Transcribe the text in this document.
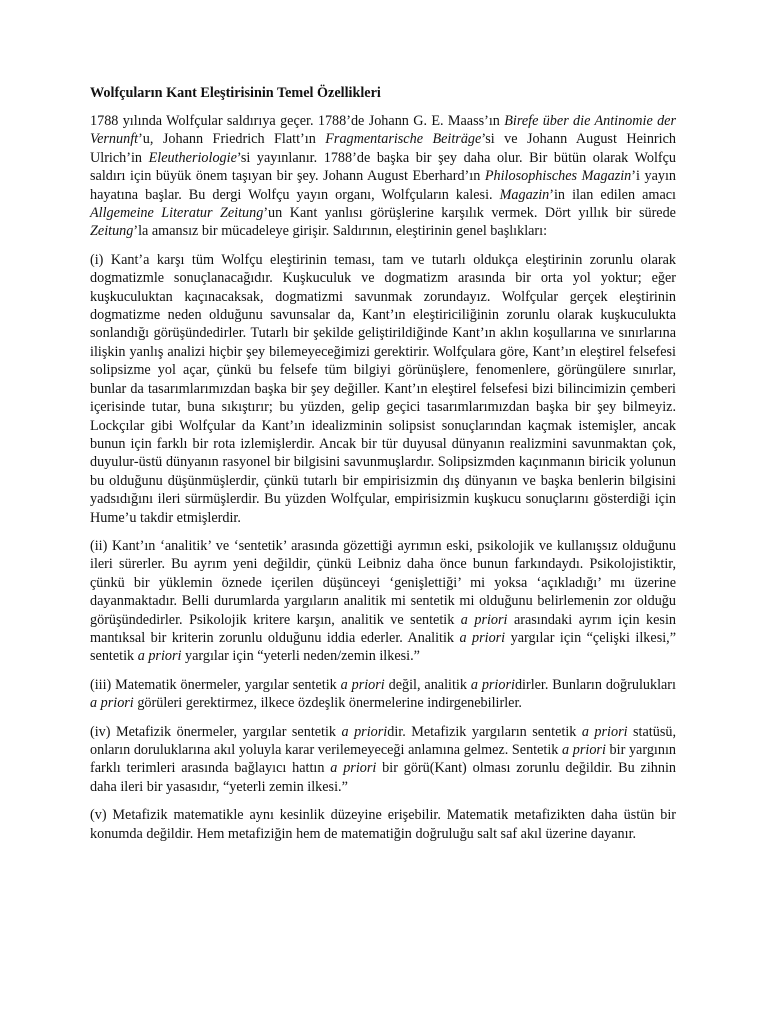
Wolfçuların Kant Eleştirisinin Temel Özellikleri
1788 yılında Wolfçular saldırıya geçer. 1788’de Johann G. E. Maass’ın Birefe über die Antinomie der Vernunft’u, Johann Friedrich Flatt’ın Fragmentarische Beiträge’si ve Johann August Heinrich Ulrich’in Eleutheriologie’si yayınlanır. 1788’de başka bir şey daha olur. Bir bütün olarak Wolfçu saldırı için büyük önem taşıyan bir şey. Johann August Eberhard’ın Philosophisches Magazin’i yayın hayatına başlar. Bu dergi Wolfçu yayın organı, Wolfçuların kalesi. Magazin’in ilan edilen amacı Allgemeine Literatur Zeitung’un Kant yanlısı görüşlerine karşılık vermek. Dört yıllık bir sürede Zeitung’la amansız bir mücadeleye girişir. Saldırının, eleştirinin genel başlıkları:
(i) Kant’a karşı tüm Wolfçu eleştirinin teması, tam ve tutarlı oldukça eleştirinin zorunlu olarak dogmatizmle sonuçlanacağıdır. Kuşkuculuk ve dogmatizm arasında bir orta yol yoktur; eğer kuşkuculuktan kaçınacaksak, dogmatizmi savunmak zorundayız. Wolfçular gerçek eleştirinin dogmatizme neden olduğunu savunsalar da, Kant’ın eleştiriciliğinin zorunlu olarak kuşkuculukta sonlandığı görüşündedirler. Tutarlı bir şekilde geliştirildiğinde Kant’ın aklın koşullarına ve sınırlarına ilişkin yanlış analizi hiçbir şey bilemeyeceğimizi gerektirir. Wolfçulara göre, Kant’ın eleştirel felsefesi solipsizme yol açar, çünkü bu felsefe tüm bilgiyi görünüşlere, fenomenlere, görüngülere sınırlar, bunlar da tasarımlarımızdan başka bir şey değiller. Kant’ın eleştirel felsefesi bizi bilincimizin çemberi içerisinde tutar, buna sıkıştırır; bu yüzden, gelip geçici tasarımlarımızdan başka bir şey bilmeyiz. Lockçılar gibi Wolfçular da Kant’ın idealizminin solipsist sonuçlarından kaçmak istemişler, ancak bunun için farklı bir rota izlemişlerdir. Ancak bir tür duyusal dünyanın realizmini savunmaktan çok, duyulur-üstü dünyanın rasyonel bir bilgisini savunmuşlardır. Solipsizmden kaçınmanın biricik yolunun bu olduğunu düşünmüşlerdir, çünkü tutarlı bir empirisizmin dış dünyanın ve başka benlerin bilgisini yadsıdığını ileri sürmüşlerdir. Bu yüzden Wolfçular, empirisizmin kuşkucu sonuçlarını gösterdiği için Hume’u takdir etmişlerdir.
(ii) Kant’ın ‘analitik’ ve ‘sentetik’ arasında gözettiği ayrımın eski, psikolojik ve kullanışsız olduğunu ileri sürerler. Bu ayrım yeni değildir, çünkü Leibniz daha önce bunun farkındaydı. Psikolojistiktir, çünkü bir yüklemin öznede içerilen düşünceyi ‘genişlettiği’ mi yoksa ‘açıkladığı’ mı üzerine dayanmaktadır. Belli durumlarda yargıların analitik mi sentetik mi olduğunu belirlemenin zor olduğu görüşündedirler. Psikolojik kritere karşın, analitik ve sentetik a priori arasındaki ayrım için kesin mantıksal bir kriterin zorunlu olduğunu iddia ederler. Analitik a priori yargılar için “çelişki ilkesi,” sentetik a priori yargılar için “yeterli neden/zemin ilkesi.”
(iii) Matematik önermeler, yargılar sentetik a priori değil, analitik a prioridirler. Bunların doğrulukları a priori görüleri gerektirmez, ilkece özdeşlik önermelerine indirgenebilirler.
(iv) Metafizik önermeler, yargılar sentetik a prioridir. Metafizik yargıların sentetik a priori statüsü, onların doruluklarına akıl yoluyla karar verilemeyeceği anlamına gelmez. Sentetik a priori bir yargının farklı terimleri arasında bağlayıcı hattın a priori bir görü(Kant) olması zorunlu değildir. Bu zihnin daha ileri bir yasasıdır, “yeterli zemin ilkesi.”
(v) Metafizik matematikle aynı kesinlik düzeyine erişebilir. Matematik metafizikten daha üstün bir konumda değildir. Hem metafiziğin hem de matematiğin doğruluğu salt saf akıl üzerine dayanır.
